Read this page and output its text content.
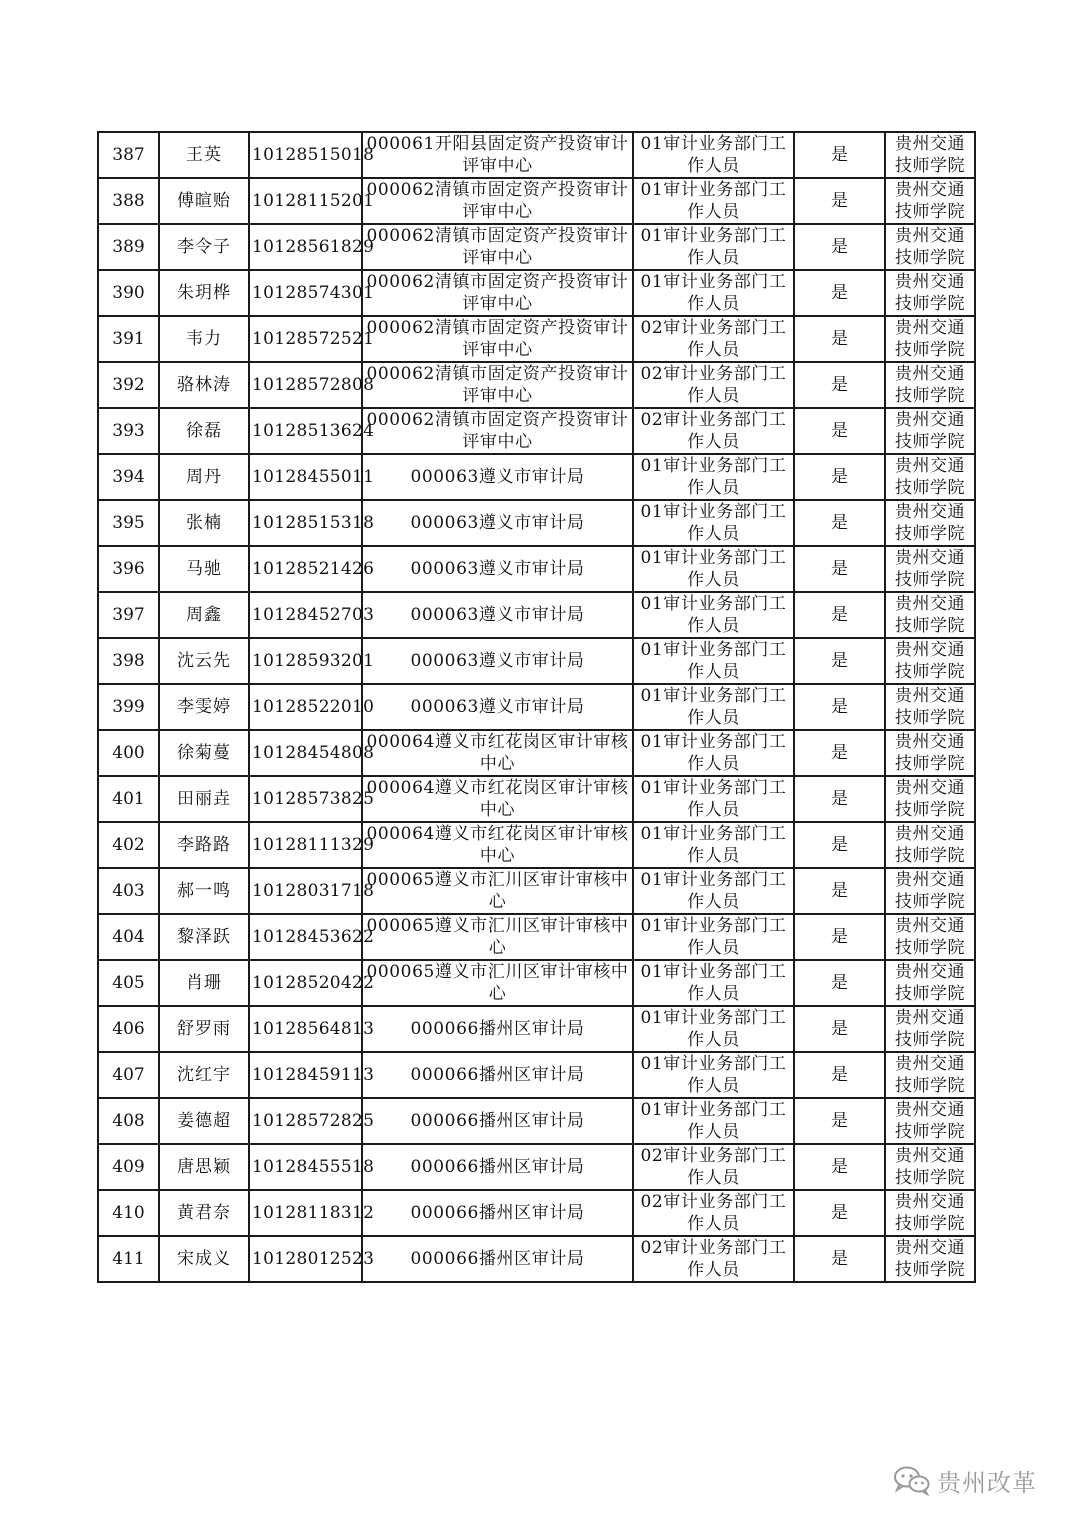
387	王英	10128515018	000061开阳县固定资产投资审计评审中心	01审计业务部门工作人员	是	贵州交通技师学院
388	傅暄贻	10128115201	000062清镇市固定资产投资审计评审中心	01审计业务部门工作人员	是	贵州交通技师学院
389	李令子	10128561829	000062清镇市固定资产投资审计评审中心	01审计业务部门工作人员	是	贵州交通技师学院
390	朱玥桦	10128574301	000062清镇市固定资产投资审计评审中心	01审计业务部门工作人员	是	贵州交通技师学院
391	韦力	10128572521	000062清镇市固定资产投资审计评审中心	02审计业务部门工作人员	是	贵州交通技师学院
392	骆林涛	10128572808	000062清镇市固定资产投资审计评审中心	02审计业务部门工作人员	是	贵州交通技师学院
393	徐磊	10128513624	000062清镇市固定资产投资审计评审中心	02审计业务部门工作人员	是	贵州交通技师学院
394	周丹	10128455011	000063遵义市审计局	01审计业务部门工作人员	是	贵州交通技师学院
395	张楠	10128515318	000063遵义市审计局	01审计业务部门工作人员	是	贵州交通技师学院
396	马驰	10128521426	000063遵义市审计局	01审计业务部门工作人员	是	贵州交通技师学院
397	周鑫	10128452703	000063遵义市审计局	01审计业务部门工作人员	是	贵州交通技师学院
398	沈云先	10128593201	000063遵义市审计局	01审计业务部门工作人员	是	贵州交通技师学院
399	李雯婷	10128522010	000063遵义市审计局	01审计业务部门工作人员	是	贵州交通技师学院
400	徐菊蔓	10128454808	000064遵义市红花岗区审计审核中心	01审计业务部门工作人员	是	贵州交通技师学院
401	田丽垚	10128573825	000064遵义市红花岗区审计审核中心	01审计业务部门工作人员	是	贵州交通技师学院
402	李路路	10128111329	000064遵义市红花岗区审计审核中心	01审计业务部门工作人员	是	贵州交通技师学院
403	郝一鸣	10128031718	000065遵义市汇川区审计审核中心	01审计业务部门工作人员	是	贵州交通技师学院
404	黎泽跃	10128453622	000065遵义市汇川区审计审核中心	01审计业务部门工作人员	是	贵州交通技师学院
405	肖珊	10128520422	000065遵义市汇川区审计审核中心	01审计业务部门工作人员	是	贵州交通技师学院
406	舒罗雨	10128564813	000066播州区审计局	01审计业务部门工作人员	是	贵州交通技师学院
407	沈红宇	10128459113	000066播州区审计局	01审计业务部门工作人员	是	贵州交通技师学院
408	姜德超	10128572825	000066播州区审计局	01审计业务部门工作人员	是	贵州交通技师学院
409	唐思颖	10128455518	000066播州区审计局	02审计业务部门工作人员	是	贵州交通技师学院
410	黄君奈	10128118312	000066播州区审计局	02审计业务部门工作人员	是	贵州交通技师学院
411	宋成义	10128012523	000066播州区审计局	02审计业务部门工作人员	是	贵州交通技师学院
贵州改革
